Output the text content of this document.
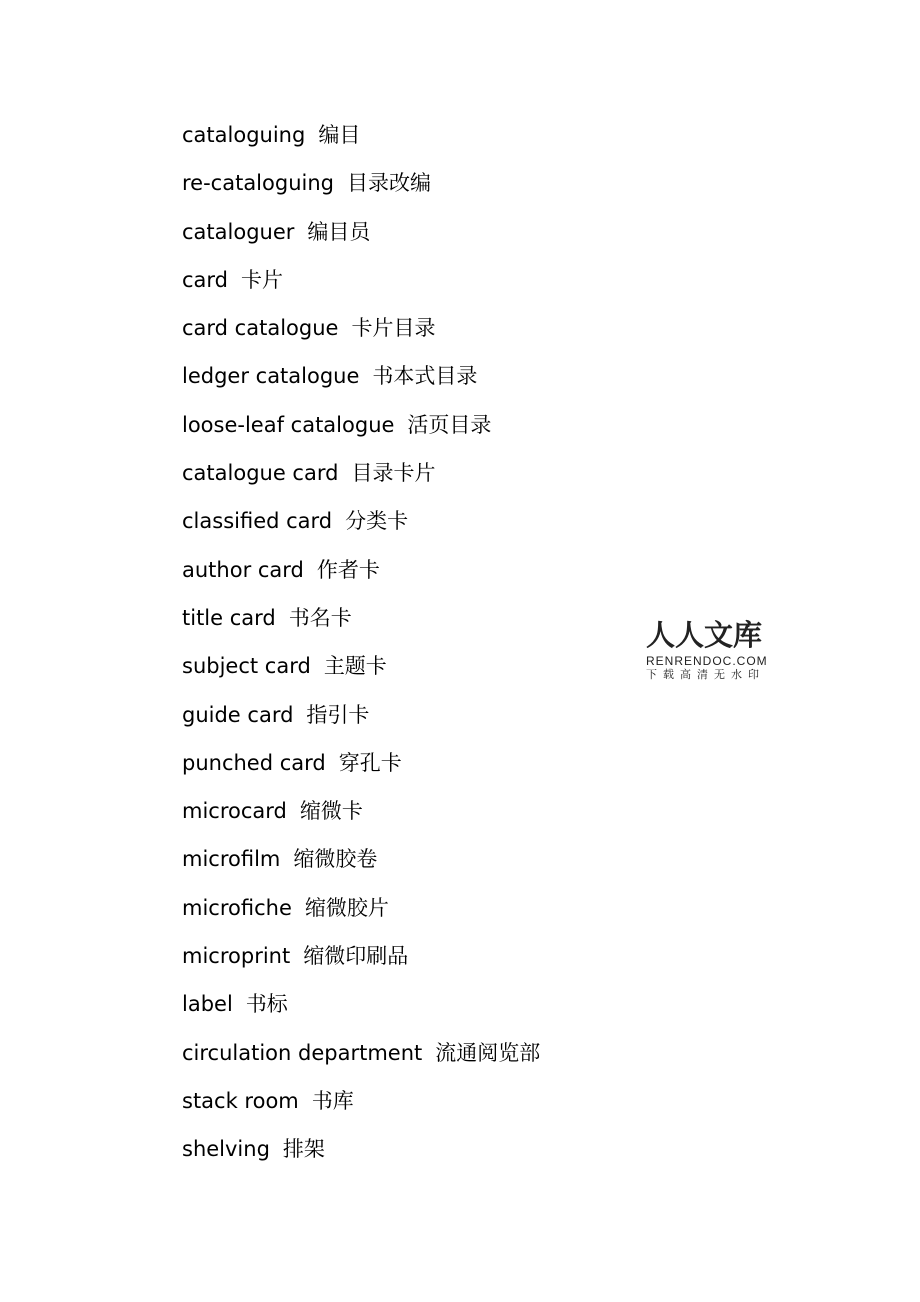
cataloguing 编目
re-cataloguing 目录改编
cataloguer 编目员
card 卡片
card catalogue 卡片目录
ledger catalogue 书本式目录
loose-leaf catalogue 活页目录
catalogue card 目录卡片
classified card 分类卡
author card 作者卡
title card 书名卡
subject card 主题卡
guide card 指引卡
punched card 穿孔卡
microcard 缩微卡
microfilm 缩微胶卷
microfiche 缩微胶片
microprint 缩微印刷品
label 书标
circulation department 流通阅览部
stack room 书库
shelving 排架
人人文库
RENRENDOC.COM
下载高清无水印
